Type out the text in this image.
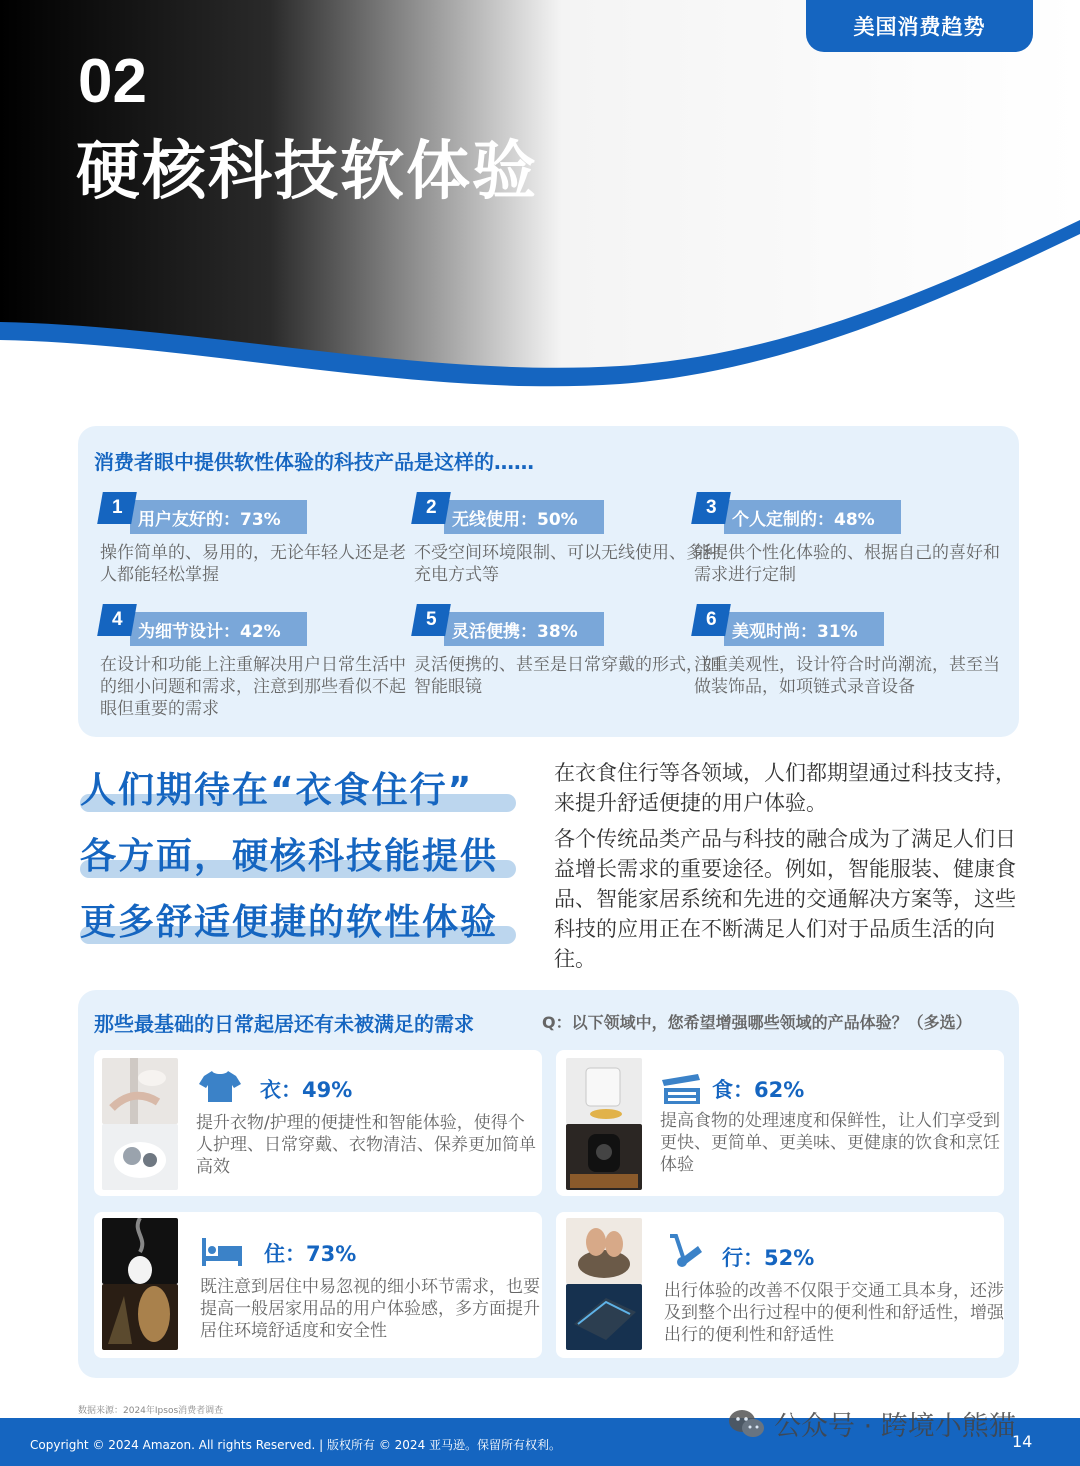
美国消费趋势
02
硬核科技软体验
消费者眼中提供软性体验的科技产品是这样的……
用户友好的：73%
1
操作简单的、易用的，无论年轻人还是老人都能轻松掌握
无线使用：50%
2
不受空间环境限制、可以无线使用、多种充电方式等
个人定制的：48%
3
能提供个性化体验的、根据自己的喜好和需求进行定制
为细节设计：42%
4
在设计和功能上注重解决用户日常生活中的细小问题和需求，注意到那些看似不起眼但重要的需求
灵活便携：38%
5
灵活便携的、甚至是日常穿戴的形式，如智能眼镜
美观时尚：31%
6
注重美观性，设计符合时尚潮流，甚至当做装饰品，如项链式录音设备
人们期待在“衣食住行”
各方面，硬核科技能提供
更多舒适便捷的软性体验

在衣食住行等各领域，人们都期望通过科技支持，来提升舒适便捷的用户体验。

各个传统品类产品与科技的融合成为了满足人们日益增长需求的重要途径。例如，智能服装、健康食品、智能家居系统和先进的交通解决方案等，这些科技的应用正在不断满足人们对于品质生活的向往。

那些最基础的日常起居还有未被满足的需求	Q：以下领域中，您希望增强哪些领域的产品体验？（多选）
衣：49%
提升衣物/护理的便捷性和智能体验，使得个人护理、日常穿戴、衣物清洁、保养更加简单高效
食：62%
提高食物的处理速度和保鲜性，让人们享受到更快、更简单、更美味、更健康的饮食和烹饪体验
住：73%
既注意到居住中易忽视的细小环节需求，也要提高一般居家用品的用户体验感，多方面提升居住环境舒适度和安全性
行：52%
出行体验的改善不仅限于交通工具本身，还涉及到整个出行过程中的便利性和舒适性，增强出行的便利性和舒适性
数据来源：2024年Ipsos消费者调查
Copyright © 2024 Amazon. All rights Reserved. | 版权所有 © 2024 亚马逊。保留所有权利。	14
公众号 · 跨境小熊猫
